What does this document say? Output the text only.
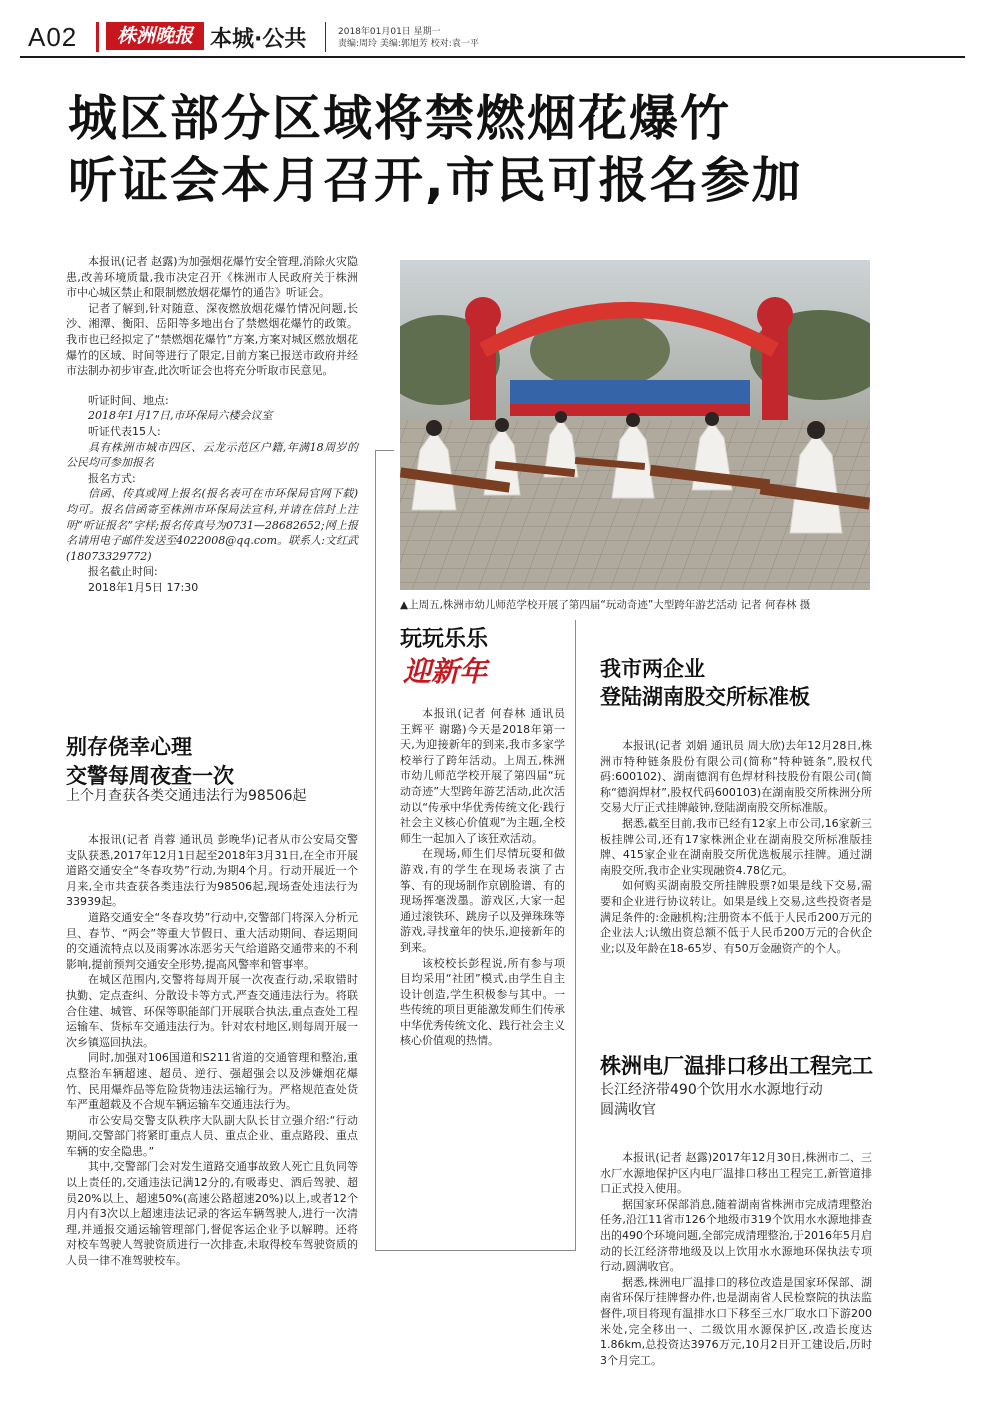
A02	株洲晚报 本城·公共	2018年01月01日 星期一
责编:周玲 美编:郭旭芳 校对:袁一平
城区部分区域将禁燃烟花爆竹
听证会本月召开,市民可报名参加

本报讯(记者 赵露)为加强烟花爆竹安全管理,消除火灾隐患,改善环境质量,我市决定召开《株洲市人民政府关于株洲市中心城区禁止和限制燃放烟花爆竹的通告》听证会。

记者了解到,针对随意、深夜燃放烟花爆竹情况问题,长沙、湘潭、衡阳、岳阳等多地出台了禁燃烟花爆竹的政策。我市也已经拟定了“禁燃烟花爆竹”方案,方案对城区燃放烟花爆竹的区域、时间等进行了限定,目前方案已报送市政府并经市法制办初步审查,此次听证会也将充分听取市民意见。

听证时间、地点:
2018年1月17日,市环保局六楼会议室
听证代表15人:
具有株洲市城市四区、云龙示范区户籍,年满18周岁的公民均可参加报名
报名方式:
信函、传真或网上报名(报名表可在市环保局官网下载)均可。报名信函寄至株洲市环保局法宣科,并请在信封上注明“听证报名”字样;报名传真号为0731—28682652;网上报名请用电子邮件发送至4022008@qq.com。联系人:文红武(18073329772)
报名截止时间:
2018年1月5日 17:30
▲上周五,株洲市幼儿师范学校开展了第四届“玩动奇迹”大型跨年游艺活动 记者 何春林 摄
玩玩乐乐
迎新年

本报讯(记者 何春林 通讯员 王辉平 谢璐)今天是2018年第一天,为迎接新年的到来,我市多家学校举行了跨年活动。上周五,株洲市幼儿师范学校开展了第四届“玩动奇迹”大型跨年游艺活动,此次活动以“传承中华优秀传统文化·践行社会主义核心价值观”为主题,全校师生一起加入了该狂欢活动。

在现场,师生们尽情玩耍和做游戏,有的学生在现场表演了古筝、有的现场制作京剧脸谱、有的现场挥毫泼墨。游戏区,大家一起通过滚铁环、跳房子以及弹珠珠等游戏,寻找童年的快乐,迎接新年的到来。

该校校长彭程说,所有参与项目均采用“社团”模式,由学生自主设计创造,学生积极参与其中。一些传统的项目更能激发师生们传承中华优秀传统文化、践行社会主义核心价值观的热情。

别存侥幸心理
交警每周夜查一次
上个月查获各类交通违法行为98506起

本报讯(记者 肖蓉 通讯员 彭晚华)记者从市公安局交警支队获悉,2017年12月1日起至2018年3月31日,在全市开展道路交通安全“冬春攻势”行动,为期4个月。行动开展近一个月来,全市共查获各类违法行为98506起,现场查处违法行为33939起。

道路交通安全“冬春攻势”行动中,交警部门将深入分析元旦、春节、“两会”等重大节假日、重大活动期间、春运期间的交通流特点以及雨雾冰冻恶劣天气给道路交通带来的不利影响,提前预判交通安全形势,提高风警率和管事率。

在城区范围内,交警将每周开展一次夜查行动,采取错时执勤、定点查纠、分散设卡等方式,严查交通违法行为。将联合住建、城管、环保等职能部门开展联合执法,重点查处工程运输车、货标车交通违法行为。针对农村地区,则每周开展一次乡镇巡回执法。

同时,加强对106国道和S211省道的交通管理和整治,重点整治车辆超速、超员、逆行、强超强会以及涉嫌烟花爆竹、民用爆炸品等危险货物违法运输行为。严格规范查处货车严重超载及不合规车辆运输车交通违法行为。

市公安局交警支队秩序大队副大队长甘立强介绍:“行动期间,交警部门将紧盯重点人员、重点企业、重点路段、重点车辆的安全隐患。”

其中,交警部门会对发生道路交通事故致人死亡且负同等以上责任的,交通违法记满12分的,有吸毒史、酒后驾驶、超员20%以上、超速50%(高速公路超速20%)以上,或者12个月内有3次以上超速违法记录的客运车辆驾驶人,进行一次清理,并通报交通运输管理部门,督促客运企业予以解聘。还将对校车驾驶人驾驶资质进行一次排查,未取得校车驾驶资质的人员一律不准驾驶校车。

我市两企业
登陆湖南股交所标准板

本报讯(记者 刘娟 通讯员 周大欣)去年12月28日,株洲市特种链条股份有限公司(简称“特种链条”,股权代码:600102)、湖南德润有色焊材科技股份有限公司(简称“德润焊材”,股权代码600103)在湖南股交所株洲分所交易大厅正式挂牌敲钟,登陆湖南股交所标准版。

据悉,截至目前,我市已经有12家上市公司,16家新三板挂牌公司,还有17家株洲企业在湖南股交所标准版挂牌、415家企业在湖南股交所优选板展示挂牌。通过湖南股交所,我市企业实现融资4.78亿元。

如何购买湖南股交所挂牌股票?如果是线下交易,需要和企业进行协议转让。如果是线上交易,这些投资者是满足条件的:金融机构;注册资本不低于人民币200万元的企业法人;认缴出资总额不低于人民币200万元的合伙企业;以及年龄在18-65岁、有50万金融资产的个人。

株洲电厂温排口移出工程完工
长江经济带490个饮用水水源地行动
圆满收官

本报讯(记者 赵露)2017年12月30日,株洲市二、三水厂水源地保护区内电厂温排口移出工程完工,新管道排口正式投入使用。

据国家环保部消息,随着湖南省株洲市完成清理整治任务,沿江11省市126个地级市319个饮用水水源地排查出的490个环境问题,全部完成清理整治,于2016年5月启动的长江经济带地级及以上饮用水水源地环保执法专项行动,圆满收官。

据悉,株洲电厂温排口的移位改造是国家环保部、湖南省环保厅挂牌督办件,也是湖南省人民检察院的执法监督件,项目将现有温排水口下移至三水厂取水口下游200米处,完全移出一、二级饮用水源保护区,改造长度达1.86km,总投资达3976万元,10月2日开工建设后,历时3个月完工。
